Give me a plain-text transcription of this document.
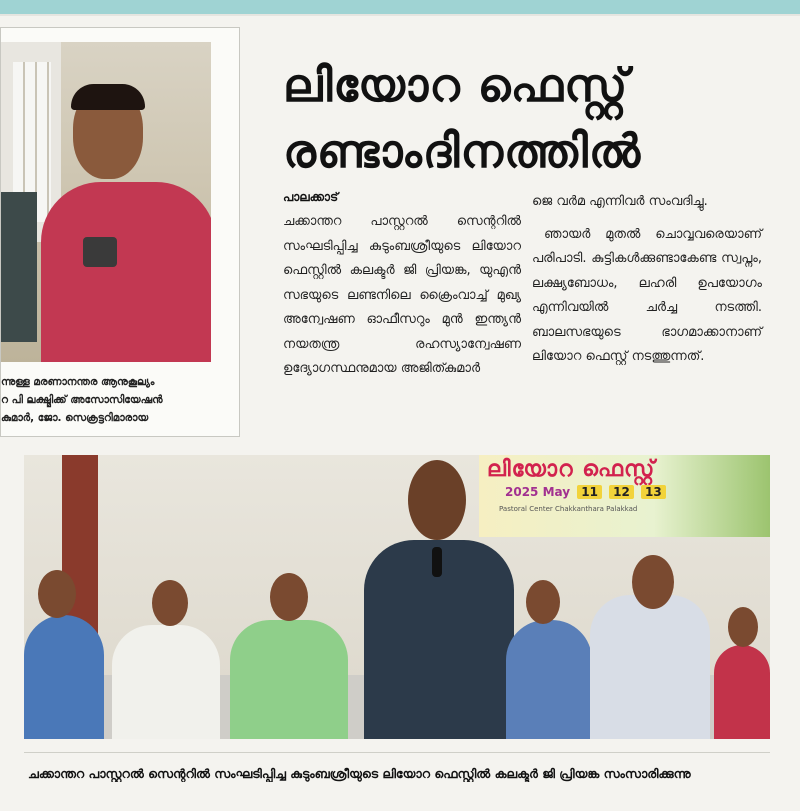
ന്നുള്ള മരണാനന്തര ആനുകൂല്യം
റ പി ലക്ഷ്മിക്ക് അസോസിയേഷൻ
കുമാർ, ജോ. സെക്രട്ടറിമാരായ
ലിയോറ ഫെസ്റ്റ്
രണ്ടാംദിനത്തിൽ
പാലക്കാട്
ചക്കാന്തറ പാസ്റ്ററൽ സെന്ററിൽ സംഘടിപ്പിച്ച കുടുംബശ്രീയുടെ ലിയോറ ഫെസ്റ്റിൽ കലക്ടർ ജി പ്രിയങ്ക, യുഎൻ സഭയുടെ ലണ്ടനിലെ ക്രൈംവാച്ച് മുഖ്യ അന്വേഷണ ഓഫീസറും മുൻ ഇന്ത്യൻ നയതന്ത്ര രഹസ്യാന്വേഷണ ഉദ്യോഗസ്ഥനുമായ അജിത്കുമാർ
ജെ വർമ എന്നിവർ സംവദിച്ചു.
ഞായർ മുതൽ ചൊവ്വവരെയാണ് പരിപാടി. കുട്ടികൾക്കുണ്ടാകേണ്ട സ്വപ്നം, ലക്ഷ്യബോധം, ലഹരി ഉപയോഗം എന്നിവയിൽ ചർച്ച നടത്തി. ബാലസഭയുടെ ഭാഗമാക്കാനാണ് ലിയോറ ഫെസ്റ്റ് നടത്തുന്നത്.
ലിയോറ ഫെസ്റ്റ്
2025 May 11 12 13
Pastoral Center Chakkanthara Palakkad
ചക്കാന്തറ പാസ്റ്ററൽ സെന്ററിൽ സംഘടിപ്പിച്ച കുടുംബശ്രീയുടെ ലിയോറ ഫെസ്റ്റിൽ കലക്ടർ ജി പ്രിയങ്ക സംസാരിക്കുന്നു
